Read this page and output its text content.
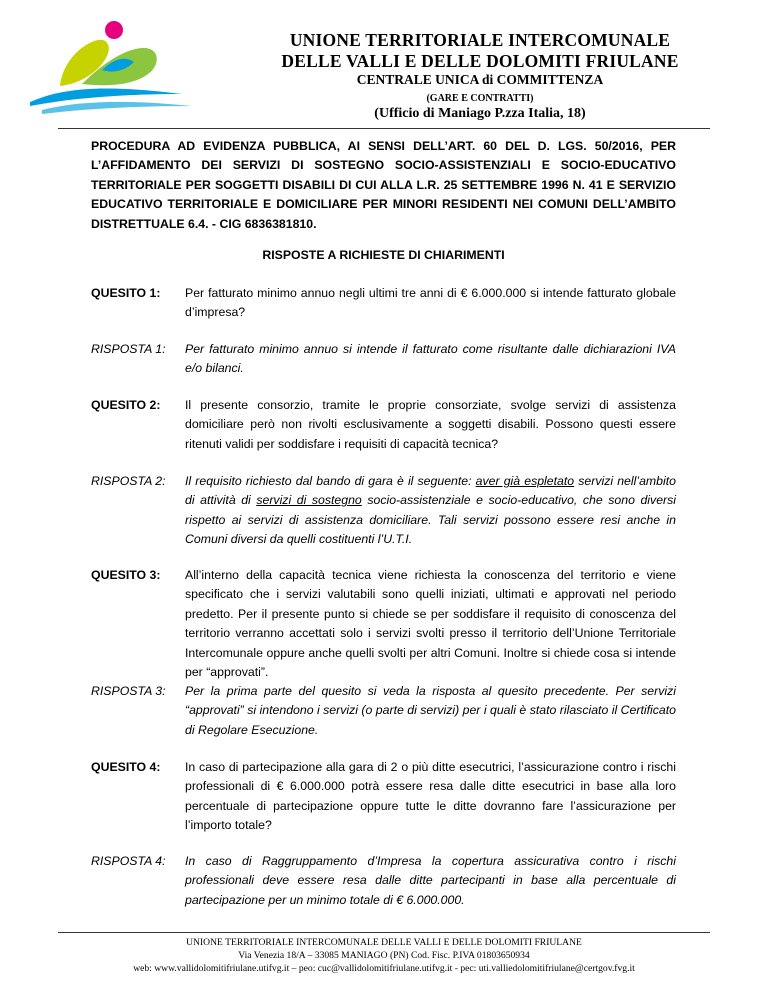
UNIONE TERRITORIALE INTERCOMUNALE
DELLE VALLI E DELLE DOLOMITI FRIULANE
CENTRALE UNICA di COMMITTENZA
(GARE E CONTRATTI)
(Ufficio di Maniago P.zza Italia, 18)
PROCEDURA AD EVIDENZA PUBBLICA, AI SENSI DELL’ART. 60 DEL D. LGS. 50/2016, PER L’AFFIDAMENTO DEI SERVIZI DI SOSTEGNO SOCIO-ASSISTENZIALI E SOCIO-EDUCATIVO TERRITORIALE PER SOGGETTI DISABILI DI CUI ALLA L.R. 25 SETTEMBRE 1996 N. 41 E SERVIZIO EDUCATIVO TERRITORIALE E DOMICILIARE PER MINORI RESIDENTI NEI COMUNI DELL’AMBITO DISTRETTUALE 6.4. - CIG 6836381810.
RISPOSTE A RICHIESTE DI CHIARIMENTI
QUESITO 1:	Per fatturato minimo annuo negli ultimi tre anni di € 6.000.000 si intende fatturato globale d’impresa?
RISPOSTA 1:	Per fatturato minimo annuo si intende il fatturato come risultante dalle dichiarazioni IVA e/o bilanci.
QUESITO 2:	Il presente consorzio, tramite le proprie consorziate, svolge servizi di assistenza domiciliare però non rivolti esclusivamente a soggetti disabili. Possono questi essere ritenuti validi per soddisfare i requisiti di capacità tecnica?
RISPOSTA 2:	Il requisito richiesto dal bando di gara è il seguente: aver già espletato servizi nell’ambito di attività di servizi di sostegno socio-assistenziale e socio-educativo, che sono diversi rispetto ai servizi di assistenza domiciliare. Tali servizi possono essere resi anche in Comuni diversi da quelli costituenti l’U.T.I.
QUESITO 3:	All’interno della capacità tecnica viene richiesta la conoscenza del territorio e viene specificato che i servizi valutabili sono quelli iniziati, ultimati e approvati nel periodo predetto. Per il presente punto si chiede se per soddisfare il requisito di conoscenza del territorio verranno accettati solo i servizi svolti presso il territorio dell’Unione Territoriale Intercomunale oppure anche quelli svolti per altri Comuni. Inoltre si chiede cosa si intende per “approvati”.
RISPOSTA 3:	Per la prima parte del quesito si veda la risposta al quesito precedente. Per servizi “approvati” si intendono i servizi (o parte di servizi) per i quali è stato rilasciato il Certificato di Regolare Esecuzione.
QUESITO 4:	In caso di partecipazione alla gara di 2 o più ditte esecutrici, l’assicurazione contro i rischi professionali di € 6.000.000 potrà essere resa dalle ditte esecutrici in base alla loro percentuale di partecipazione oppure tutte le ditte dovranno fare l’assicurazione per l’importo totale?
RISPOSTA 4:	In caso di Raggruppamento d’Impresa la copertura assicurativa contro i rischi professionali deve essere resa dalle ditte partecipanti in base alla percentuale di partecipazione per un minimo totale di € 6.000.000.
UNIONE TERRITORIALE INTERCOMUNALE DELLE VALLI E DELLE DOLOMITI FRIULANE
Via Venezia 18/A – 33085 MANIAGO (PN) Cod. Fisc. P.IVA 01803650934
web: www.vallidolomitifriulane.utifvg.it – peo: cuc@vallidolomitifriulane.utifvg.it - pec: uti.valliedolomitifriulane@certgov.fvg.it
